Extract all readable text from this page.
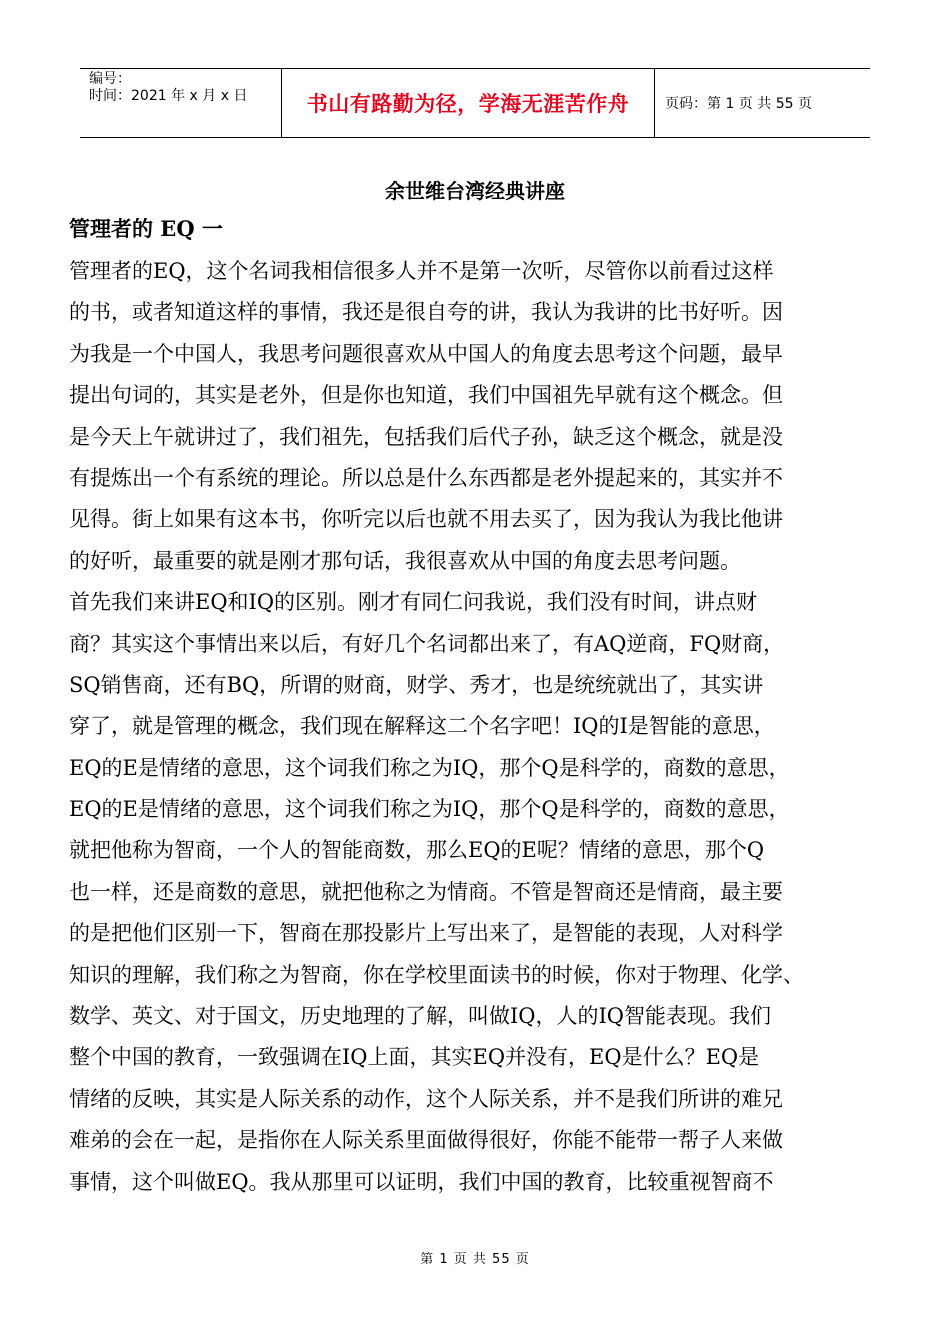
编号：
时间：2021 年 x 月 x 日	书山有路勤为径，学海无涯苦作舟	页码：第 1 页 共 55 页
余世维台湾经典讲座
管理者的 EQ 一
管理者的EQ，这个名词我相信很多人并不是第一次听，尽管你以前看过这样
的书，或者知道这样的事情，我还是很自夸的讲，我认为我讲的比书好听。因
为我是一个中国人，我思考问题很喜欢从中国人的角度去思考这个问题，最早
提出句词的，其实是老外，但是你也知道，我们中国祖先早就有这个概念。但
是今天上午就讲过了，我们祖先，包括我们后代子孙，缺乏这个概念，就是没
有提炼出一个有系统的理论。所以总是什么东西都是老外提起来的，其实并不
见得。街上如果有这本书，你听完以后也就不用去买了，因为我认为我比他讲
的好听，最重要的就是刚才那句话，我很喜欢从中国的角度去思考问题。
首先我们来讲EQ和IQ的区别。刚才有同仁问我说，我们没有时间，讲点财
商？其实这个事情出来以后，有好几个名词都出来了，有AQ逆商，FQ财商，
SQ销售商，还有BQ，所谓的财商，财学、秀才，也是统统就出了，其实讲
穿了，就是管理的概念，我们现在解释这二个名字吧！IQ的I是智能的意思，
EQ的E是情绪的意思，这个词我们称之为IQ，那个Q是科学的，商数的意思，
EQ的E是情绪的意思，这个词我们称之为IQ，那个Q是科学的，商数的意思，
就把他称为智商，一个人的智能商数，那么EQ的E呢？情绪的意思，那个Q
也一样，还是商数的意思，就把他称之为情商。不管是智商还是情商，最主要
的是把他们区别一下，智商在那投影片上写出来了，是智能的表现，人对科学
知识的理解，我们称之为智商，你在学校里面读书的时候，你对于物理、化学、
数学、英文、对于国文，历史地理的了解，叫做IQ，人的IQ智能表现。我们
整个中国的教育，一致强调在IQ上面，其实EQ并没有，EQ是什么？EQ是
情绪的反映，其实是人际关系的动作，这个人际关系，并不是我们所讲的难兄
难弟的会在一起，是指你在人际关系里面做得很好，你能不能带一帮子人来做
事情，这个叫做EQ。我从那里可以证明，我们中国的教育，比较重视智商不
第 1 页 共 55 页
